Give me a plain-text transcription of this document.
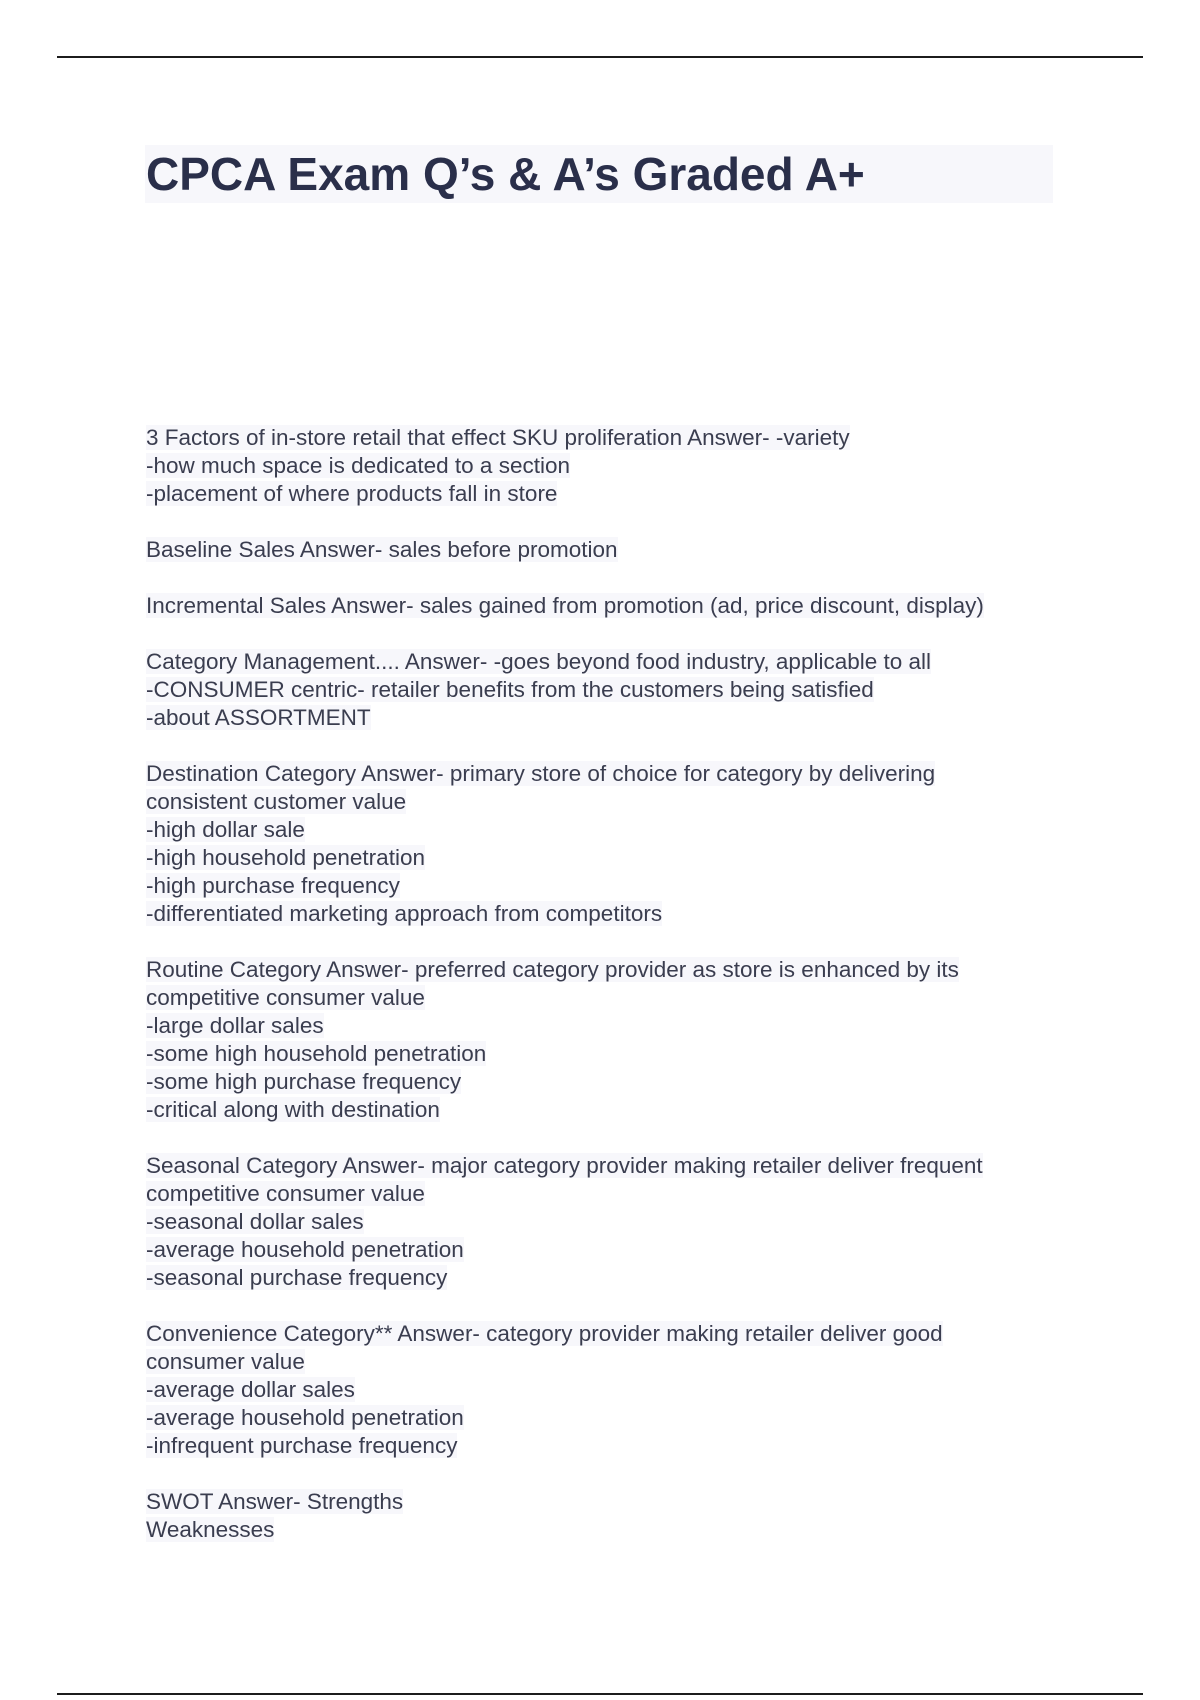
CPCA Exam Q’s & A’s Graded A+
3 Factors of in-store retail that effect SKU proliferation Answer- -variety
-how much space is dedicated to a section
-placement of where products fall in store
Baseline Sales Answer- sales before promotion
Incremental Sales Answer- sales gained from promotion (ad, price discount, display)
Category Management.... Answer- -goes beyond food industry, applicable to all
-CONSUMER centric- retailer benefits from the customers being satisfied
-about ASSORTMENT
Destination Category Answer- primary store of choice for category by delivering
consistent customer value
-high dollar sale
-high household penetration
-high purchase frequency
-differentiated marketing approach from competitors
Routine Category Answer- preferred category provider as store is enhanced by its
competitive consumer value
-large dollar sales
-some high household penetration
-some high purchase frequency
-critical along with destination
Seasonal Category Answer- major category provider making retailer deliver frequent
competitive consumer value
-seasonal dollar sales
-average household penetration
-seasonal purchase frequency
Convenience Category** Answer- category provider making retailer deliver good
consumer value
-average dollar sales
-average household penetration
-infrequent purchase frequency
SWOT Answer- Strengths
Weaknesses
